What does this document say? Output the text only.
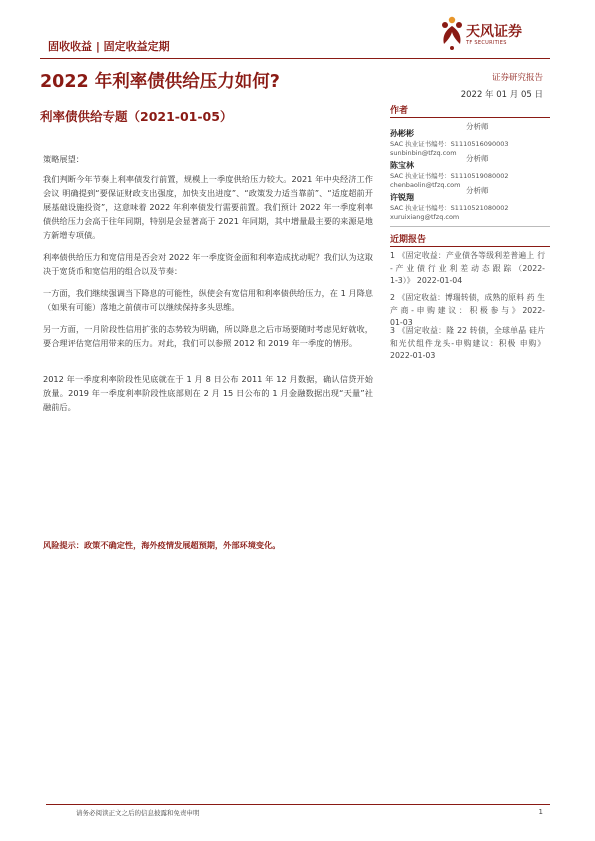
固收收益 | 固定收益定期
天风证券
TF SECURITIES
2022 年利率债供给压力如何?
利率债供给专题（2021-01-05）
证券研究报告
2022 年 01 月 05 日
作者
孙彬彬
分析师
SAC 执业证书编号：S1110516090003
sunbinbin@tfzq.com
陈宝林
分析师
SAC 执业证书编号：S1110519080002
chenbaolin@tfzq.com
许锐翔
分析师
SAC 执业证书编号：S1110521080002
xuruixiang@tfzq.com
近期报告
1 《固定收益：产业债各等级利差普遍上 行 - 产 业 债 行 业 利 差 动 态 跟 踪 （2022-1-3）》 2022-01-04
2 《固定收益：博瑞转债，成熟的原料 药 生 产 商 - 申 购 建 议 ： 积 极 参 与 》 2022-01-03
3 《固定收益：隆 22 转债，全球单晶 硅片和光伏组件龙头-申购建议：积极 申购》 2022-01-03

策略展望：

我们判断今年节奏上利率债发行前置，规模上一季度供给压力较大。2021 年中央经济工作会议 明确提到“要保证财政支出强度，加快支出进度”、“政策发力适当靠前”、“适度超前开展基础设施投资”，这意味着 2022 年利率债发行需要前置。我们预计 2022 年一季度利率债供给压力会高于往年同期，特别是会显著高于 2021 年同期，其中增量最主要的来源是地方新增专项债。

利率债供给压力和宽信用是否会对 2022 年一季度资金面和利率造成扰动呢？我们认为这取决于宽货币和宽信用的组合以及节奏：

一方面，我们继续强调当下降息的可能性，纵使会有宽信用和利率债供给压力，在 1 月降息（如果有可能）落地之前债市可以继续保持多头思维。

另一方面，一月阶段性信用扩张的态势较为明确，所以降息之后市场要随时考虑见好就收，要合理评估宽信用带来的压力。对此，我们可以参照 2012 和 2019 年一季度的情形。

2012 年一季度利率阶段性见底就在于 1 月 8 日公布 2011 年 12 月数据，确认信贷开始放量。2019 年一季度利率阶段性底部则在 2 月 15 日公布的 1 月金融数据出现“天量”社融前后。

风险提示：政策不确定性，海外疫情发展超预期，外部环境变化。
请务必阅读正文之后的信息披露和免责申明	1
